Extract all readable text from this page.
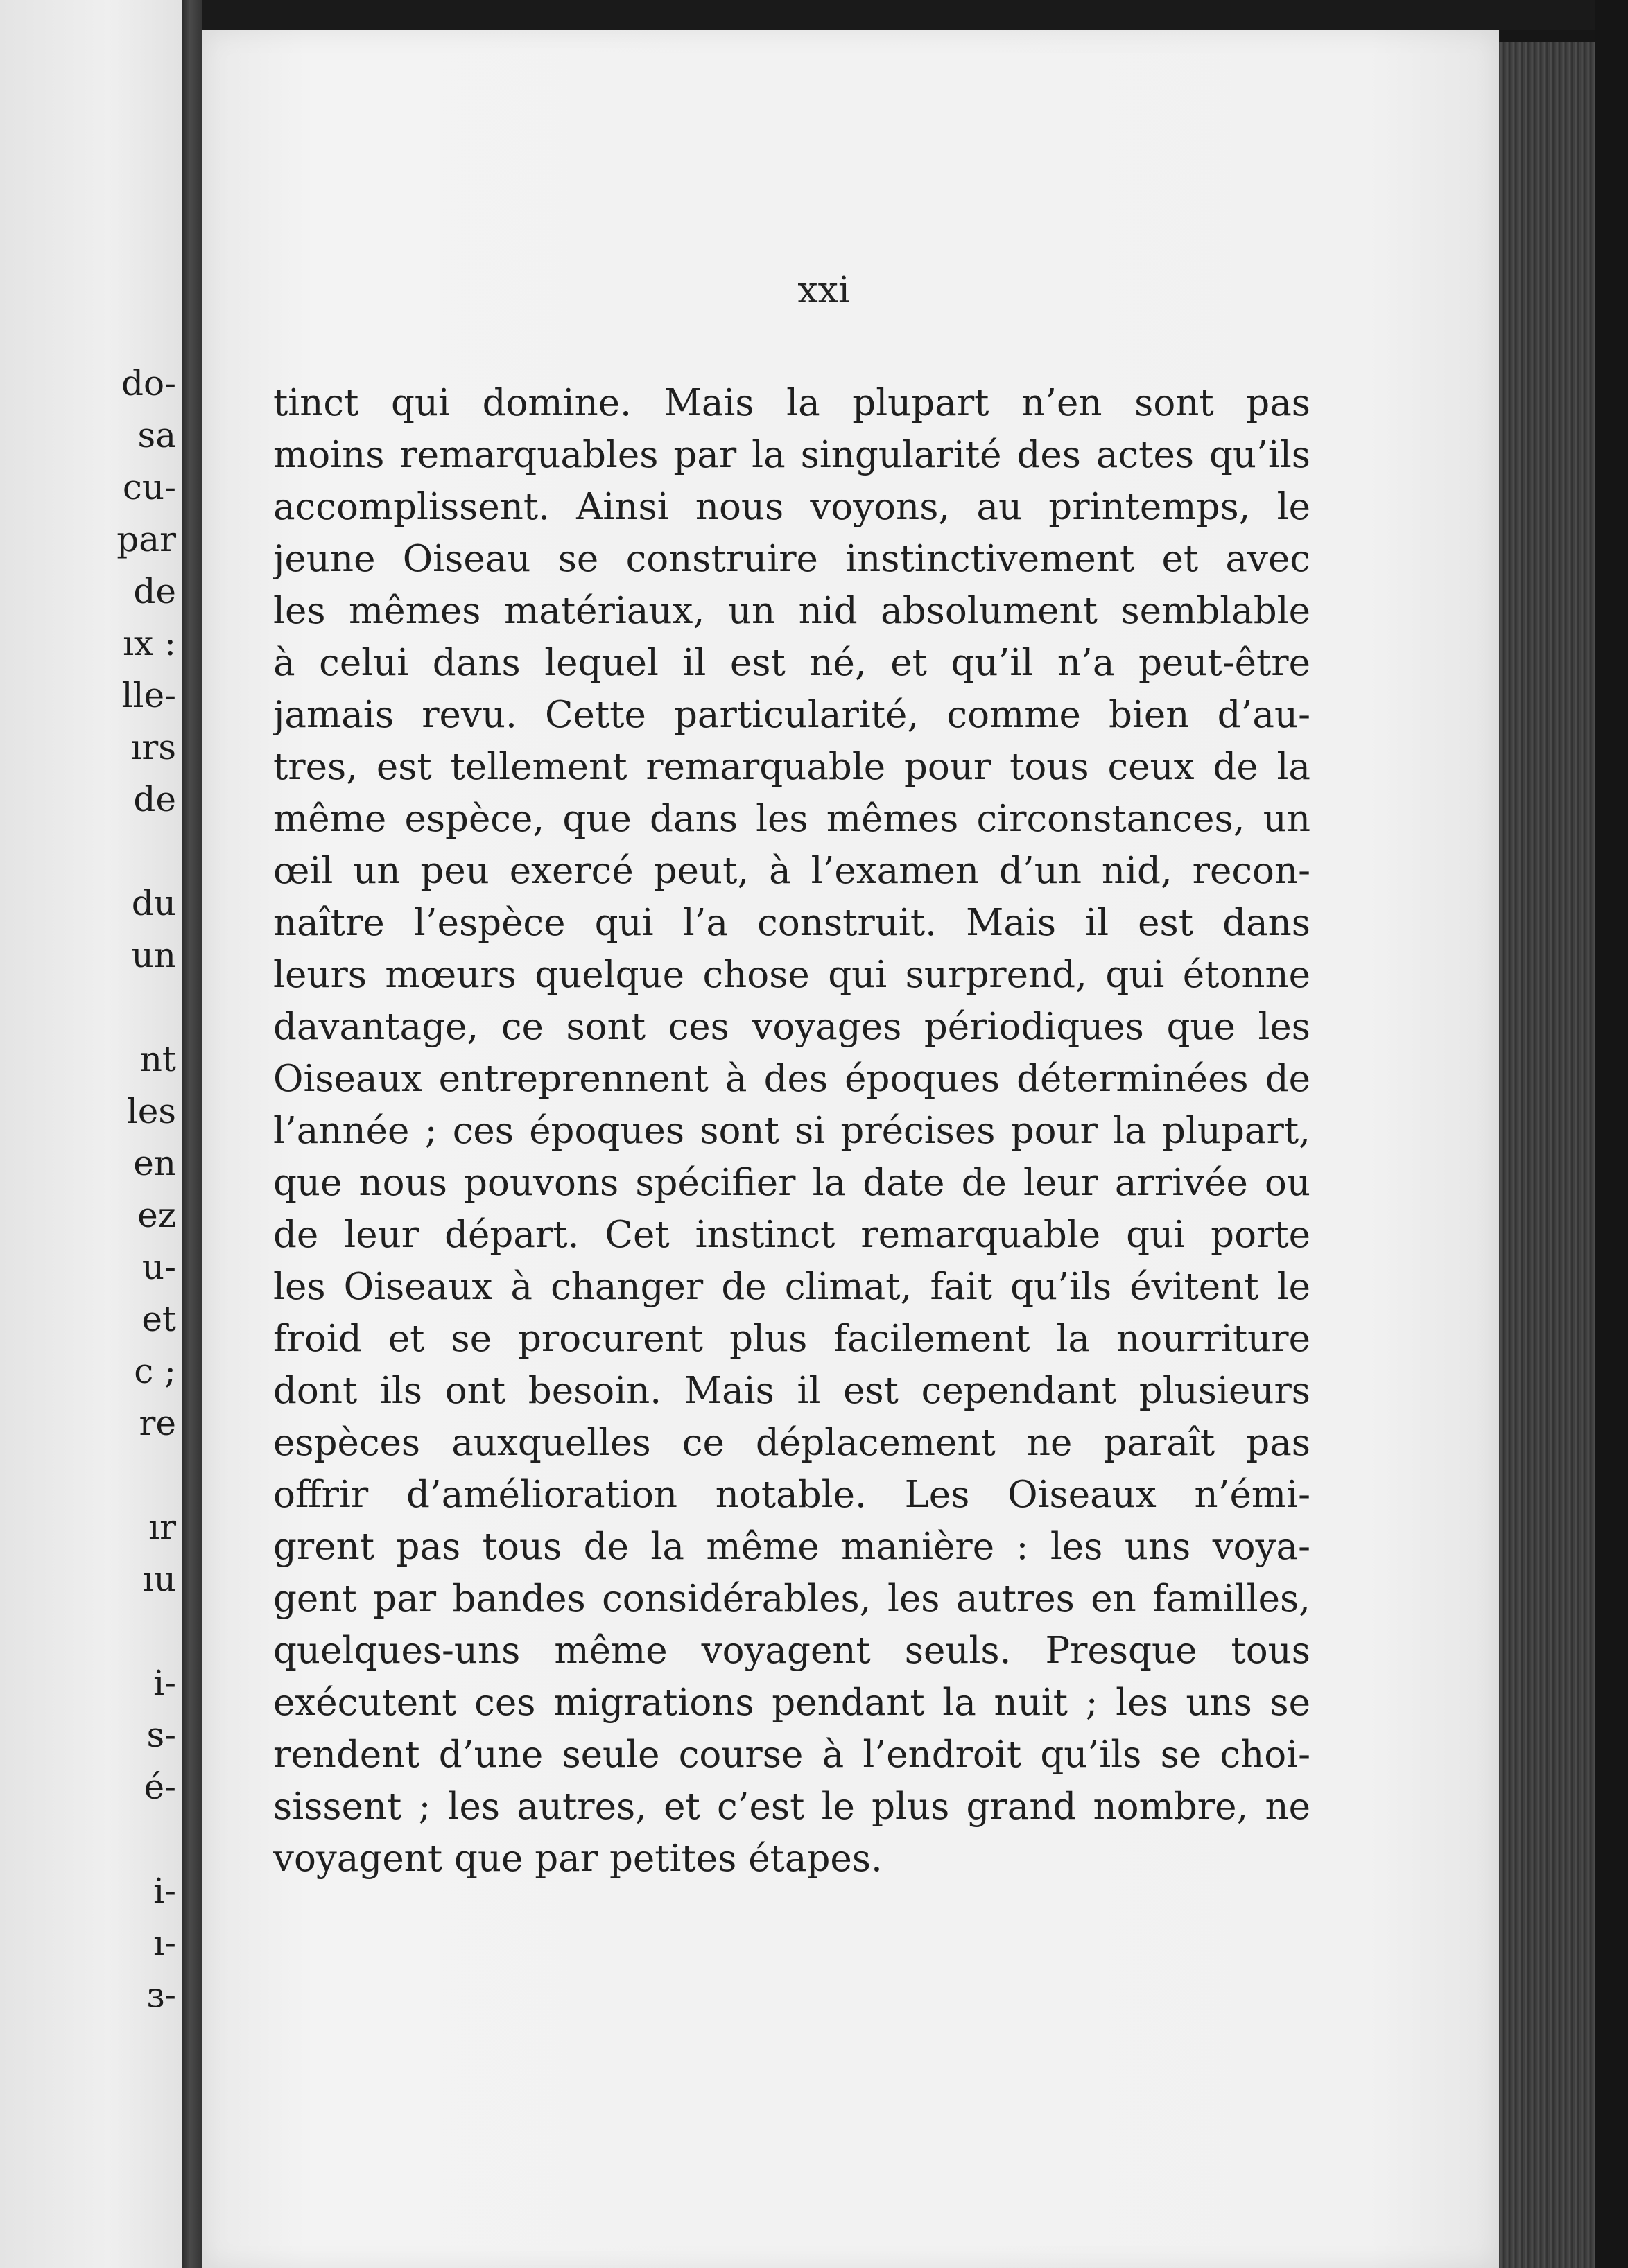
do-
sa
cu-
par
de
ıx :
lle-
ırs
de
du
un
nt
les
en
ez
u-
et
c ;
re
ır
ıu
i-
s-
é-
i-
ı-
ɜ-
xxi
tinct qui domine. Mais la plupart n’en sont pas
moins remarquables par la singularité des actes qu’ils
accomplissent. Ainsi nous voyons, au printemps, le
jeune Oiseau se construire instinctivement et avec
les mêmes matériaux, un nid absolument semblable
à celui dans lequel il est né, et qu’il n’a peut-être
jamais revu. Cette particularité, comme bien d’au-
tres, est tellement remarquable pour tous ceux de la
même espèce, que dans les mêmes circonstances, un
œil un peu exercé peut, à l’examen d’un nid, recon-
naître l’espèce qui l’a construit. Mais il est dans
leurs mœurs quelque chose qui surprend, qui étonne
davantage, ce sont ces voyages périodiques que les
Oiseaux entreprennent à des époques déterminées de
l’année ; ces époques sont si précises pour la plupart,
que nous pouvons spécifier la date de leur arrivée ou
de leur départ. Cet instinct remarquable qui porte
les Oiseaux à changer de climat, fait qu’ils évitent le
froid et se procurent plus facilement la nourriture
dont ils ont besoin. Mais il est cependant plusieurs
espèces auxquelles ce déplacement ne paraît pas
offrir d’amélioration notable. Les Oiseaux n’émi-
grent pas tous de la même manière : les uns voya-
gent par bandes considérables, les autres en familles,
quelques-uns même voyagent seuls. Presque tous
exécutent ces migrations pendant la nuit ; les uns se
rendent d’une seule course à l’endroit qu’ils se choi-
sissent ; les autres, et c’est le plus grand nombre, ne
voyagent que par petites étapes.
